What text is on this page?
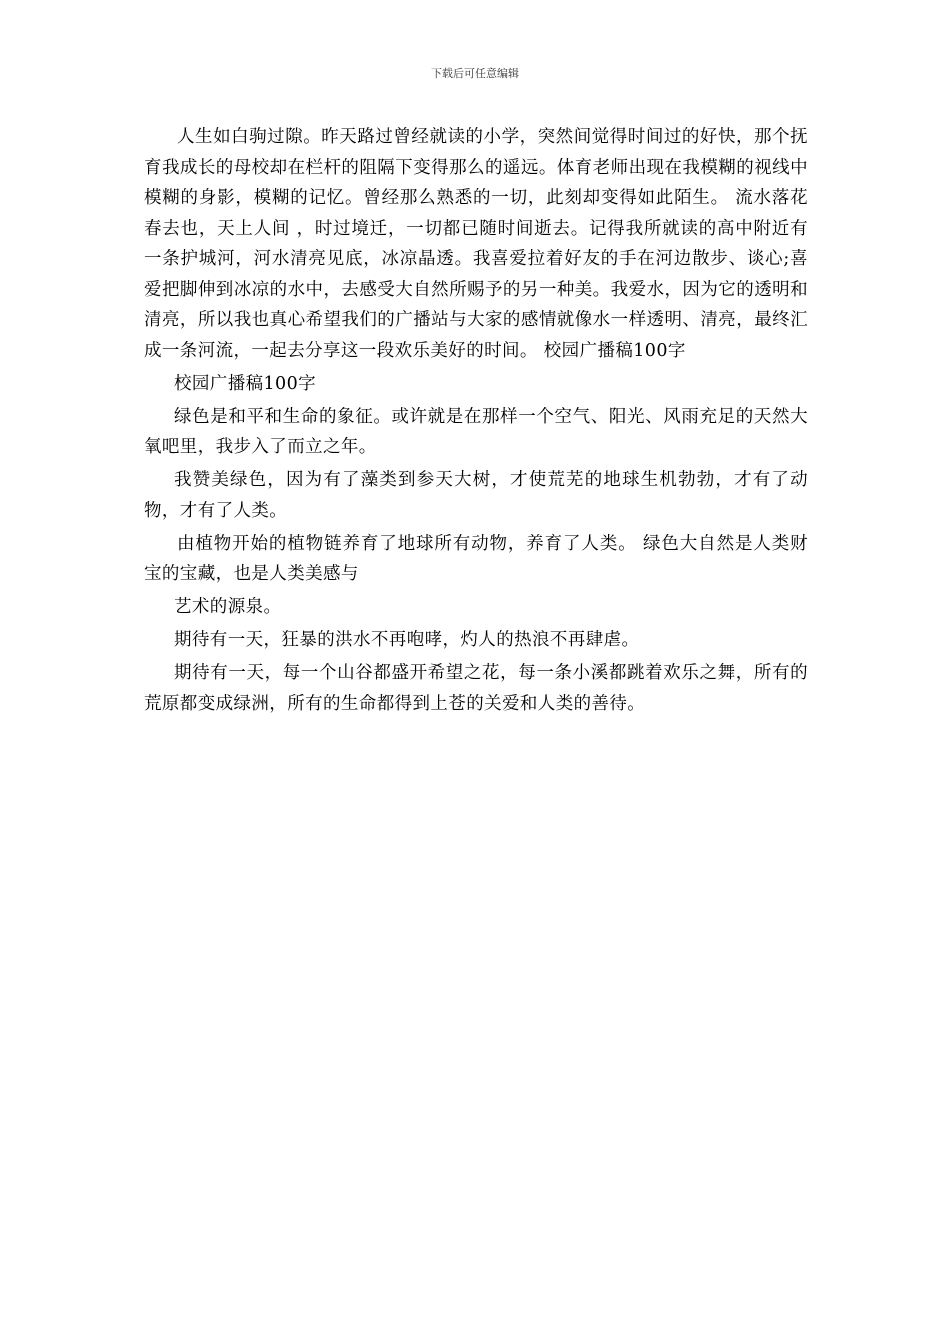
下载后可任意编辑

人生如白驹过隙。昨天路过曾经就读的小学，突然间觉得时间过的好快，那个抚育我成长的母校却在栏杆的阻隔下变得那么的遥远。体育老师出现在我模糊的视线中模糊的身影，模糊的记忆。曾经那么熟悉的一切，此刻却变得如此陌生。 流水落花春去也，天上人间 ，时过境迁，一切都已随时间逝去。记得我所就读的高中附近有一条护城河，河水清亮见底，冰凉晶透。我喜爱拉着好友的手在河边散步、谈心;喜爱把脚伸到冰凉的水中，去感受大自然所赐予的另一种美。我爱水，因为它的透明和清亮，所以我也真心希望我们的广播站与大家的感情就像水一样透明、清亮，最终汇成一条河流，一起去分享这一段欢乐美好的时间。 校园广播稿100字

校园广播稿100字

绿色是和平和生命的象征。或许就是在那样一个空气、阳光、风雨充足的天然大氧吧里，我步入了而立之年。

我赞美绿色，因为有了藻类到参天大树，才使荒芜的地球生机勃勃，才有了动物，才有了人类。

由植物开始的植物链养育了地球所有动物，养育了人类。 绿色大自然是人类财宝的宝藏，也是人类美感与

艺术的源泉。

期待有一天，狂暴的洪水不再咆哮，灼人的热浪不再肆虐。

期待有一天，每一个山谷都盛开希望之花，每一条小溪都跳着欢乐之舞，所有的荒原都变成绿洲，所有的生命都得到上苍的关爱和人类的善待。
